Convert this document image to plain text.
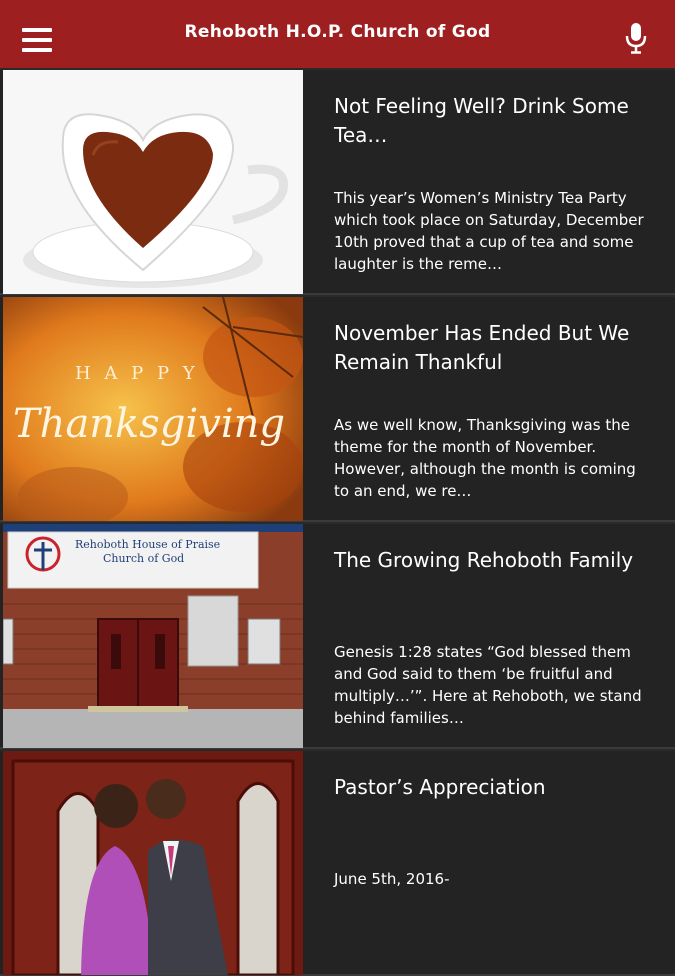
Rehoboth H.O.P. Church of God
Not Feeling Well? Drink Some Tea…
This year’s Women’s Ministry Tea Party which took place on Saturday, December 10th proved that a cup of tea and some laughter is the reme…
H A P P Y
Thanksgiving
November Has Ended But We Remain Thankful
As we well know, Thanksgiving was the theme for the month of November. However, although the month is coming to an end, we re…
Rehoboth House of Praise
Church of God	The Growing Rehoboth Family
Genesis 1:28 states “God blessed them and God said to them ‘be fruitful and multiply…’”. Here at Rehoboth, we stand behind families…
Pastor’s Appreciation
June 5th, 2016-
